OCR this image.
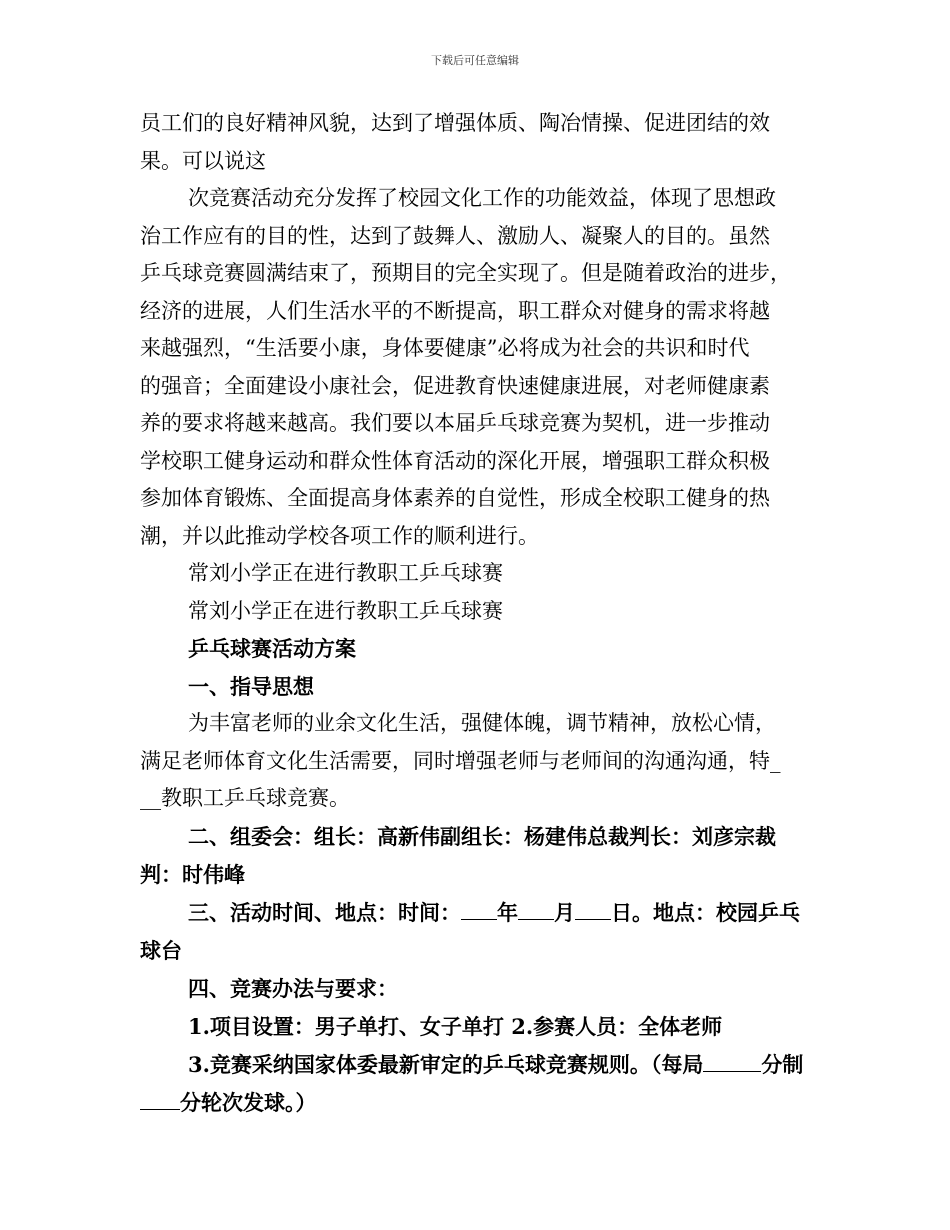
下载后可任意编辑

员工们的良好精神风貌，达到了增强体质、陶冶情操、促进团结的效

果。可以说这

次竞赛活动充分发挥了校园文化工作的功能效益，体现了思想政

治工作应有的目的性，达到了鼓舞人、激励人、凝聚人的目的。虽然

乒乓球竞赛圆满结束了，预期目的完全实现了。但是随着政治的进步，

经济的进展，人们生活水平的不断提高，职工群众对健身的需求将越

来越强烈，“生活要小康，身体要健康”必将成为社会的共识和时代

的强音；全面建设小康社会，促进教育快速健康进展，对老师健康素

养的要求将越来越高。我们要以本届乒乓球竞赛为契机，进一步推动

学校职工健身运动和群众性体育活动的深化开展，增强职工群众积极

参加体育锻炼、全面提高身体素养的自觉性，形成全校职工健身的热

潮，并以此推动学校各项工作的顺利进行。

常刘小学正在进行教职工乒乓球赛

常刘小学正在进行教职工乒乓球赛

乒乓球赛活动方案

一、指导思想

为丰富老师的业余文化生活，强健体魄，调节精神，放松心情，

满足老师体育文化生活需要，同时增强老师与老师间的沟通沟通，特_

__教职工乒乓球竞赛。

二、组委会：组长：高新伟副组长：杨建伟总裁判长：刘彦宗裁

判：时伟峰

三、活动时间、地点：时间： 年 月 日。地点：校园乒乓

球台

四、竞赛办法与要求：

1.项目设置：男子单打、女子单打 2.参赛人员：全体老师

3.竞赛采纳国家体委最新审定的乒乓球竞赛规则。（每局	分制

分轮次发球。）
